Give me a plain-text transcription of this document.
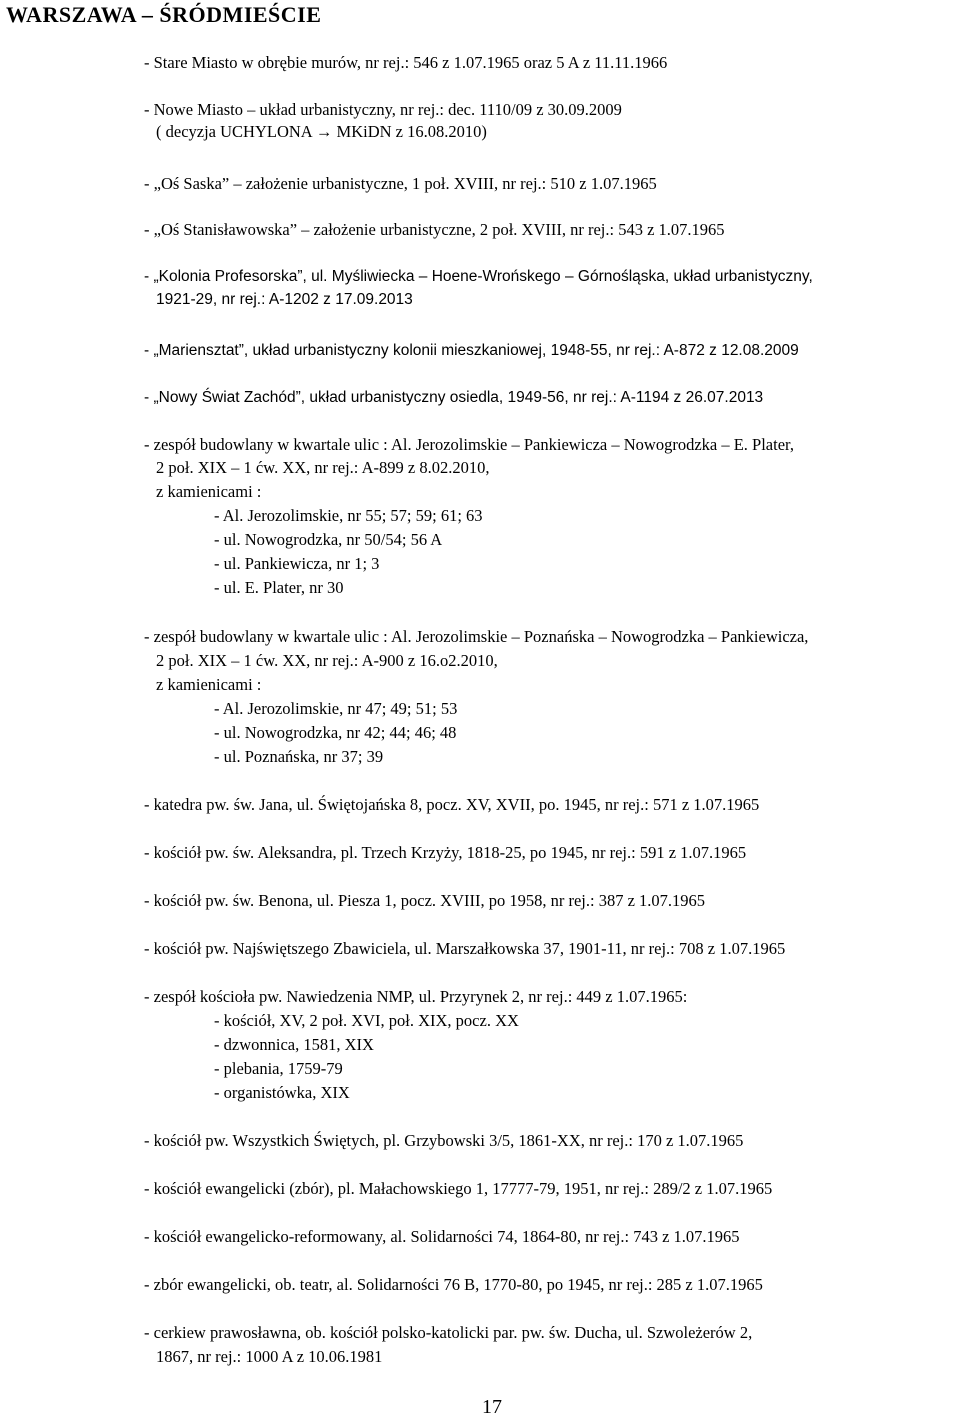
WARSZAWA – ŚRÓDMIEŚCIE
- Stare Miasto w obrębie murów, nr rej.: 546 z 1.07.1965 oraz 5 A z 11.11.1966
- Nowe Miasto – układ urbanistyczny, nr rej.: dec. 1110/09 z 30.09.2009
( decyzja UCHYLONA → MKiDN z 16.08.2010)
- „Oś Saska” – założenie urbanistyczne, 1 poł. XVIII, nr rej.: 510 z 1.07.1965
- „Oś Stanisławowska” – założenie urbanistyczne, 2 poł. XVIII, nr rej.: 543 z 1.07.1965
- „Kolonia Profesorska”, ul. Myśliwiecka – Hoene-Wrońskego – Górnośląska, układ urbanistyczny,
1921-29, nr rej.: A-1202 z 17.09.2013
- „Mariensztat”, układ urbanistyczny kolonii mieszkaniowej, 1948-55, nr rej.: A-872 z 12.08.2009
- „Nowy Świat Zachód”, układ urbanistyczny osiedla, 1949-56, nr rej.: A-1194 z 26.07.2013
- zespół budowlany w kwartale ulic : Al. Jerozolimskie – Pankiewicza – Nowogrodzka – E. Plater,
2 poł. XIX – 1 ćw. XX, nr rej.: A-899 z 8.02.2010,
z kamienicami :
- Al. Jerozolimskie, nr 55; 57; 59; 61; 63
- ul. Nowogrodzka, nr 50/54; 56 A
- ul. Pankiewicza, nr 1; 3
- ul. E. Plater, nr 30
- zespół budowlany w kwartale ulic : Al. Jerozolimskie – Poznańska – Nowogrodzka – Pankiewicza,
2 poł. XIX – 1 ćw. XX, nr rej.: A-900 z 16.o2.2010,
z kamienicami :
- Al. Jerozolimskie, nr 47; 49; 51; 53
- ul. Nowogrodzka, nr 42; 44; 46; 48
- ul. Poznańska, nr 37; 39
- katedra pw. św. Jana, ul. Świętojańska 8, pocz. XV, XVII, po. 1945, nr rej.: 571 z 1.07.1965
- kościół pw. św. Aleksandra, pl. Trzech Krzyży, 1818-25, po 1945, nr rej.: 591 z 1.07.1965
- kościół pw. św. Benona, ul. Piesza 1, pocz. XVIII, po 1958, nr rej.: 387 z 1.07.1965
- kościół pw. Najświętszego Zbawiciela, ul. Marszałkowska 37, 1901-11, nr rej.: 708 z 1.07.1965
- zespół kościoła pw. Nawiedzenia NMP, ul. Przyrynek 2, nr rej.: 449 z 1.07.1965:
- kościół, XV, 2 poł. XVI, poł. XIX, pocz. XX
- dzwonnica, 1581, XIX
- plebania, 1759-79
- organistówka, XIX
- kościół pw. Wszystkich Świętych, pl. Grzybowski 3/5, 1861-XX, nr rej.: 170 z 1.07.1965
- kościół ewangelicki (zbór), pl. Małachowskiego 1, 17777-79, 1951, nr rej.: 289/2 z 1.07.1965
- kościół ewangelicko-reformowany, al. Solidarności 74, 1864-80, nr rej.: 743 z 1.07.1965
- zbór ewangelicki, ob. teatr, al. Solidarności 76 B, 1770-80, po 1945, nr rej.: 285 z 1.07.1965
- cerkiew prawosławna, ob. kościół polsko-katolicki par. pw. św. Ducha, ul. Szwoleżerów 2,
1867, nr rej.: 1000 A z 10.06.1981
17
